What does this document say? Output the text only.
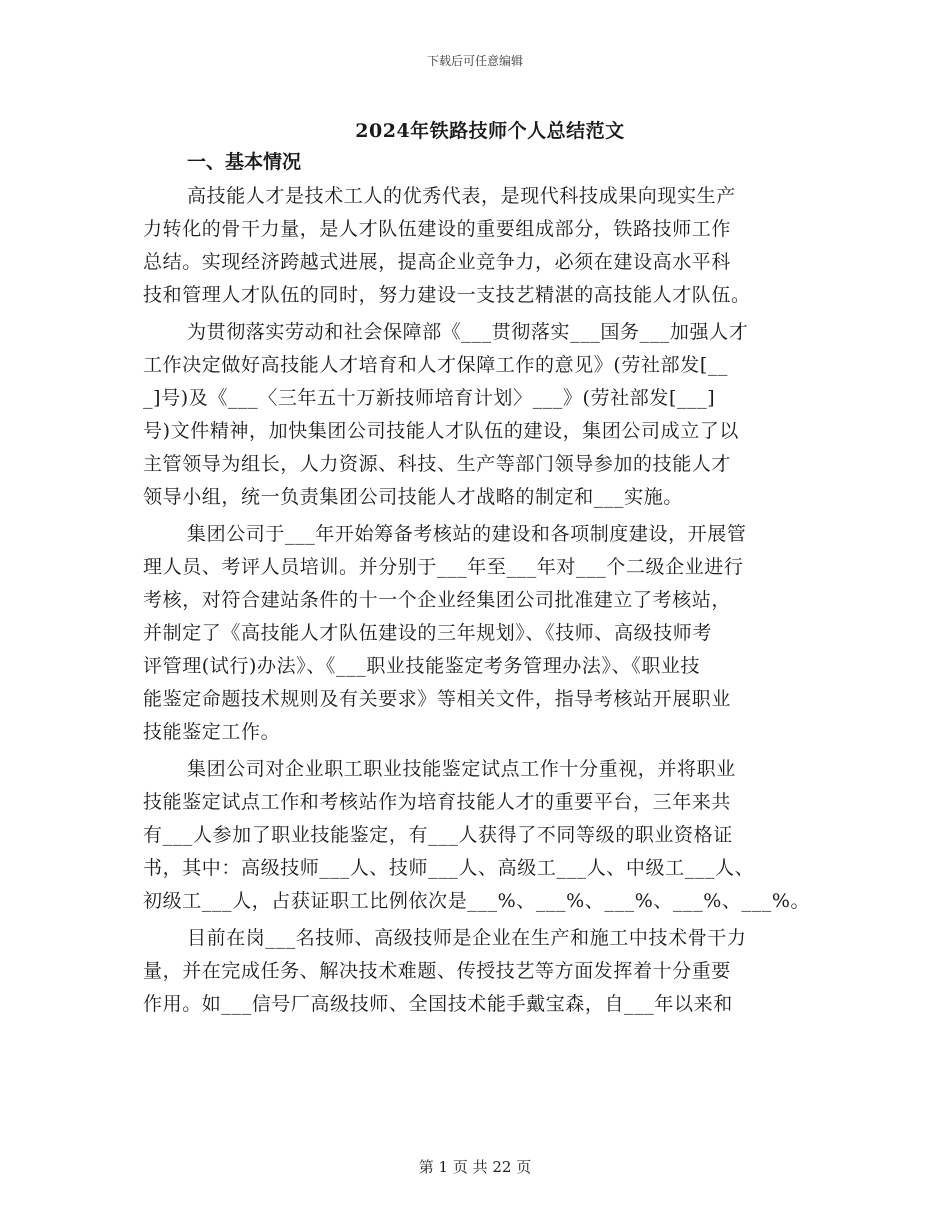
下载后可任意编辑
2024年铁路技师个人总结范文
一、基本情况
高技能人才是技术工人的优秀代表，是现代科技成果向现实生产
力转化的骨干力量，是人才队伍建设的重要组成部分，铁路技师工作
总结。实现经济跨越式进展，提高企业竞争力，必须在建设高水平科
技和管理人才队伍的同时，努力建设一支技艺精湛的高技能人才队伍。
为贯彻落实劳动和社会保障部《___贯彻落实___国务___加强人才
工作决定做好高技能人才培育和人才保障工作的意见》(劳社部发[__
_]号)及《___〈三年五十万新技师培育计划〉___》(劳社部发[___]
号)文件精神，加快集团公司技能人才队伍的建设，集团公司成立了以
主管领导为组长，人力资源、科技、生产等部门领导参加的技能人才
领导小组，统一负责集团公司技能人才战略的制定和___实施。
集团公司于___年开始筹备考核站的建设和各项制度建设，开展管
理人员、考评人员培训。并分别于___年至___年对___个二级企业进行
考核，对符合建站条件的十一个企业经集团公司批准建立了考核站，
并制定了《高技能人才队伍建设的三年规划》、《技师、高级技师考
评管理(试行)办法》、《___职业技能鉴定考务管理办法》、《职业技
能鉴定命题技术规则及有关要求》等相关文件，指导考核站开展职业
技能鉴定工作。
集团公司对企业职工职业技能鉴定试点工作十分重视，并将职业
技能鉴定试点工作和考核站作为培育技能人才的重要平台，三年来共
有___人参加了职业技能鉴定，有___人获得了不同等级的职业资格证
书，其中：高级技师___人、技师___人、高级工___人、中级工___人、
初级工___人，占获证职工比例依次是___%、___%、___%、___%、___%。
目前在岗___名技师、高级技师是企业在生产和施工中技术骨干力
量，并在完成任务、解决技术难题、传授技艺等方面发挥着十分重要
作用。如___信号厂高级技师、全国技术能手戴宝森，自___年以来和
第 1 页 共 22 页
